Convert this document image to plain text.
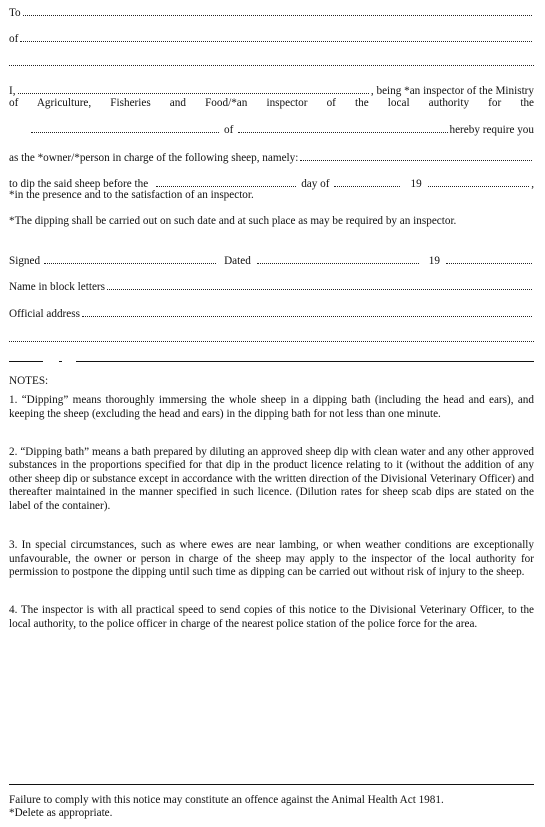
To
of
I,	, being *an inspector of the Ministry
of Agriculture, Fisheries and Food/*an inspector of the local authority for the
of	hereby require you
as the *owner/*person in charge of the following sheep, namely:
to dip the said sheep before the	day of	19	,
*in the presence and to the satisfaction of an inspector.
*The dipping shall be carried out on such date and at such place as may be required by an inspector.
Signed	Dated	19
Name in block letters
Official address
NOTES:
1. “Dipping” means thoroughly immersing the whole sheep in a dipping bath (including the head and ears), and keeping the sheep (excluding the head and ears) in the dipping bath for not less than one minute.
2. “Dipping bath” means a bath prepared by diluting an approved sheep dip with clean water and any other approved substances in the proportions specified for that dip in the product licence relating to it (without the addition of any other sheep dip or substance except in accordance with the written direction of the Divisional Veterinary Officer) and thereafter maintained in the manner specified in such licence. (Dilution rates for sheep scab dips are stated on the label of the container).
3. In special circumstances, such as where ewes are near lambing, or when weather conditions are exceptionally unfavourable, the owner or person in charge of the sheep may apply to the inspector of the local authority for permission to postpone the dipping until such time as dipping can be carried out without risk of injury to the sheep.
4. The inspector is with all practical speed to send copies of this notice to the Divisional Veterinary Officer, to the local authority, to the police officer in charge of the nearest police station of the police force for the area.
Failure to comply with this notice may constitute an offence against the Animal Health Act 1981.
*Delete as appropriate.
